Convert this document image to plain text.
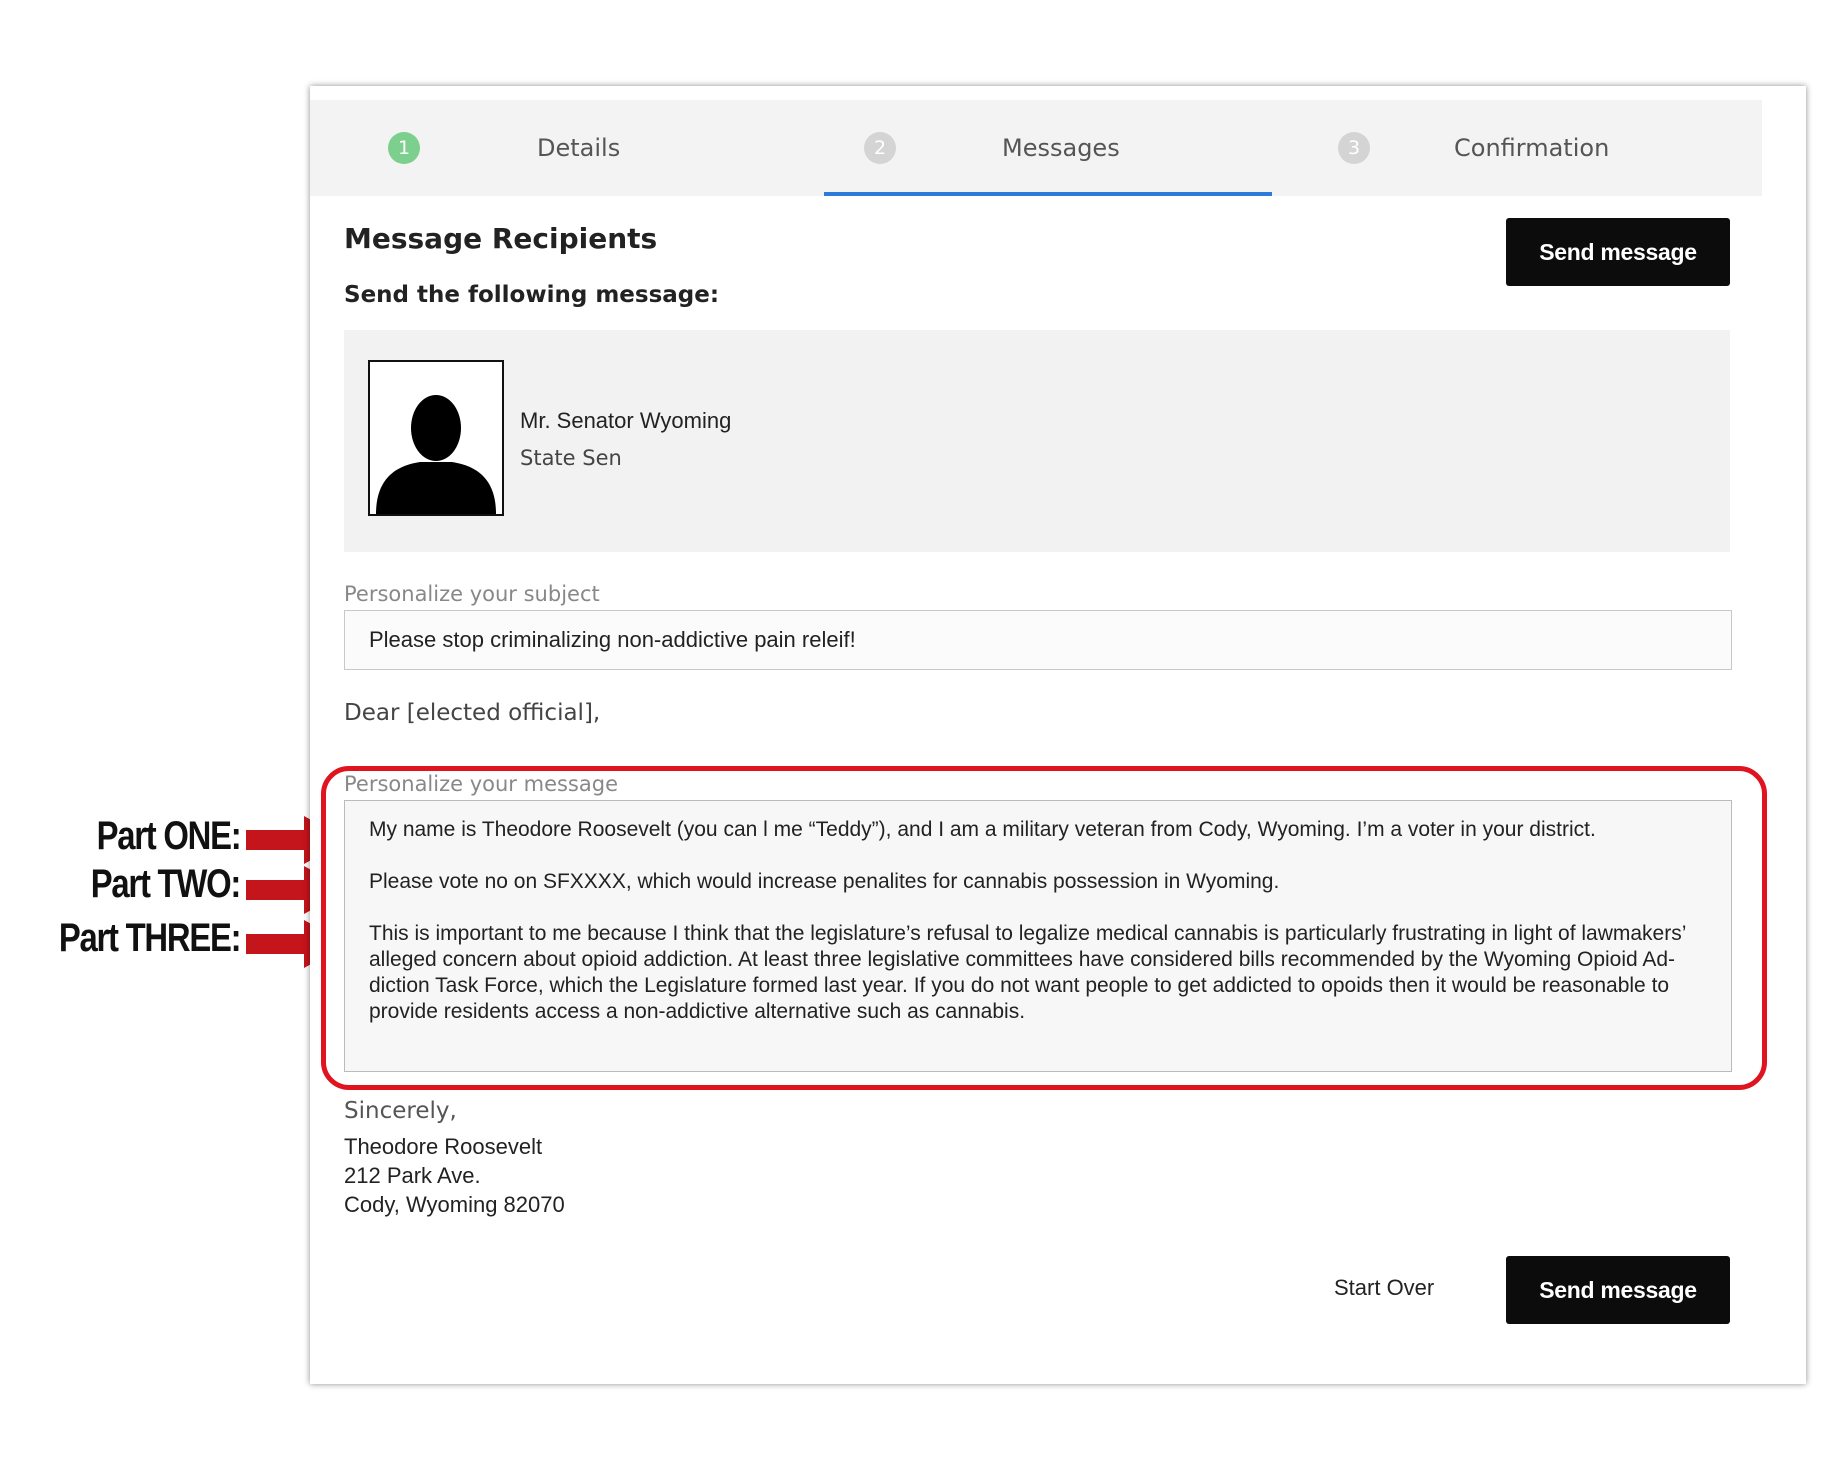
Part ONE:
Part TWO:
Part THREE:
1	Details	2	Messages	3	Confirmation
Message Recipients
Send the following message:
Send message
Mr. Senator Wyoming
State Sen
Personalize your subject
Please stop criminalizing non-addictive pain releif!
Dear [elected official],
Personalize your message

My name is Theodore Roosevelt (you can l me “Teddy”), and I am a military veteran from Cody, Wyoming. I’m a voter in your district.

Please vote no on SFXXXX, which would increase penalites for cannabis possession in Wyoming.

This is important to me because I think that the legislature’s refusal to legalize medical cannabis is particularly frustrating in light of lawmakers’ alleged concern about opioid addiction. At least three legislative committees have considered bills recommended by the Wyoming Opioid Ad-diction Task Force, which the Legislature formed last year. If you do not want people to get addicted to opoids then it would be reasonable to provide residents access a non-addictive alternative such as cannabis.

Sincerely,
Theodore Roosevelt
212 Park Ave.
Cody, Wyoming 82070
Start Over	Send message
